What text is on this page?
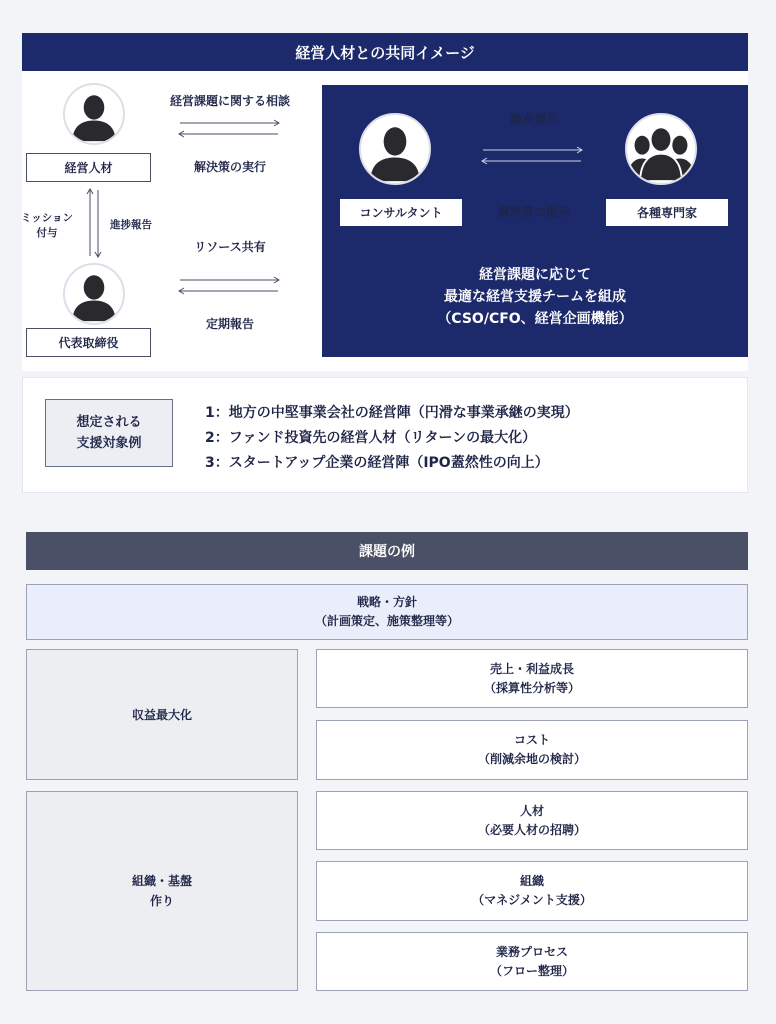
経営人材との共同イメージ
経営人材
代表取締役
ミッション
付与
進捗報告
経営課題に関する相談
解決策の実行
リソース共有
定期報告
論点提示
解決策の提示
コンサルタント	各種専門家
経営課題に応じて
最適な経営支援チームを組成
（CSO/CFO、経営企画機能）
想定される
支援対象例
1：地方の中堅事業会社の経営陣（円滑な事業承継の実現）
2：ファンド投資先の経営人材（リターンの最大化）
3：スタートアップ企業の経営陣（IPO蓋然性の向上）
課題の例
戦略・方針
（計画策定、施策整理等）
収益最大化
組織・基盤
作り
売上・利益成長
（採算性分析等）
コスト
（削減余地の検討）
人材
（必要人材の招聘）
組織
（マネジメント支援）
業務プロセス
（フロー整理）
